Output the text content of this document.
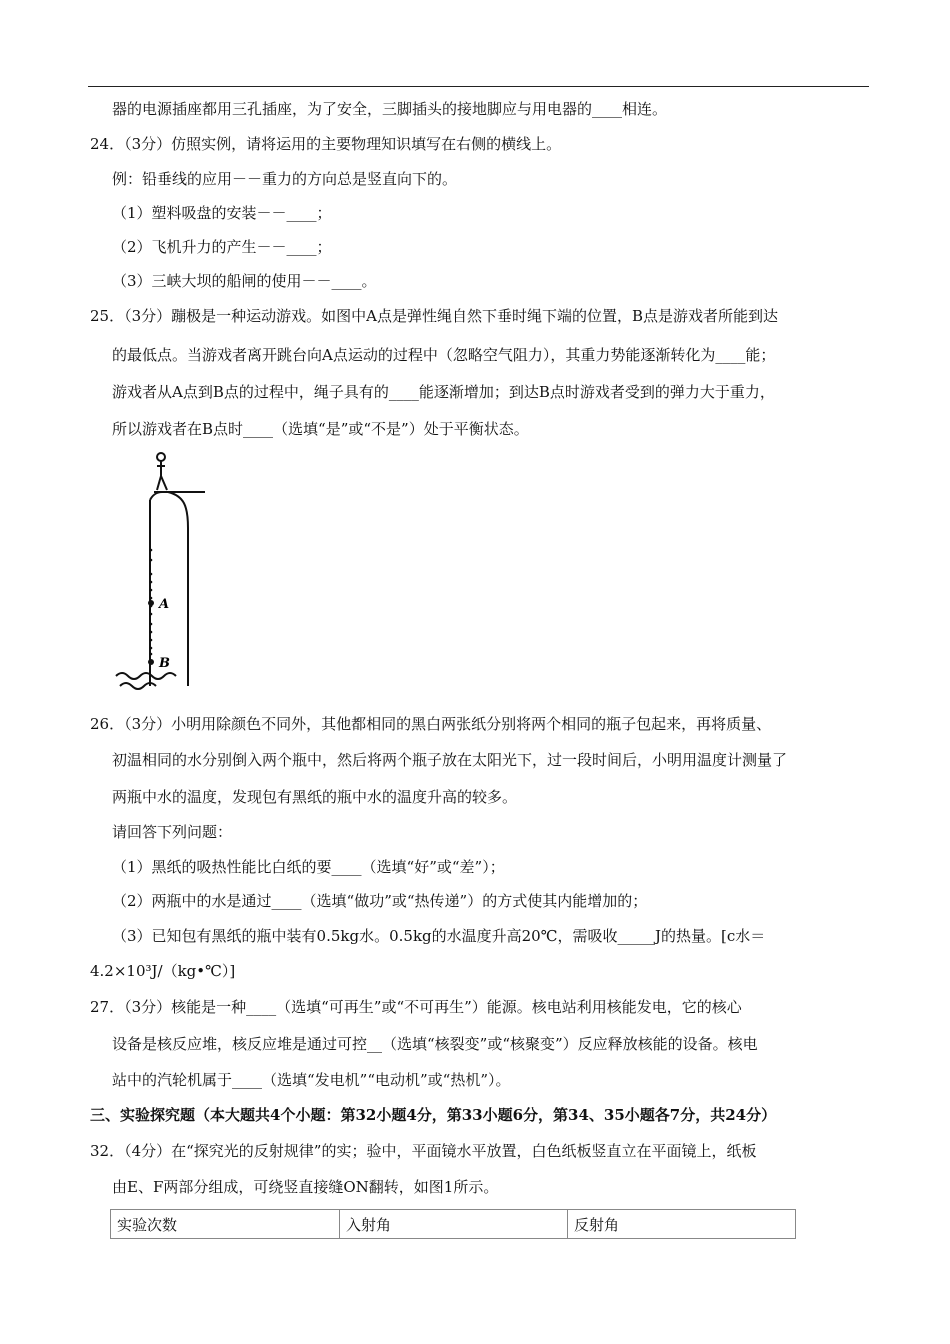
器的电源插座都用三孔插座，为了安全，三脚插头的接地脚应与用电器的____相连。
24．（3分）仿照实例，请将运用的主要物理知识填写在右侧的横线上。
例：铅垂线的应用－－重力的方向总是竖直向下的。
（1）塑料吸盘的安装－－____；
（2）飞机升力的产生－－____；
（3）三峡大坝的船闸的使用－－____。
25．（3分）蹦极是一种运动游戏。如图中A点是弹性绳自然下垂时绳下端的位置，B点是游戏者所能到达
的最低点。当游戏者离开跳台向A点运动的过程中（忽略空气阻力），其重力势能逐渐转化为____能；
游戏者从A点到B点的过程中，绳子具有的____能逐渐增加；到达B点时游戏者受到的弹力大于重力，
所以游戏者在B点时____（选填“是”或“不是”）处于平衡状态。
A
B
26．（3分）小明用除颜色不同外，其他都相同的黑白两张纸分别将两个相同的瓶子包起来，再将质量、
初温相同的水分别倒入两个瓶中，然后将两个瓶子放在太阳光下，过一段时间后，小明用温度计测量了
两瓶中水的温度，发现包有黑纸的瓶中水的温度升高的较多。
请回答下列问题：
（1）黑纸的吸热性能比白纸的要____（选填“好”或“差”）；
（2）两瓶中的水是通过____（选填“做功”或“热传递”）的方式使其内能增加的；
（3）已知包有黑纸的瓶中装有0.5kg水。0.5kg的水温度升高20℃，需吸收_____J的热量。[c水＝
4.2×10³J/（kg•℃）]
27．（3分）核能是一种____（选填“可再生”或“不可再生”）能源。核电站利用核能发电，它的核心
设备是核反应堆，核反应堆是通过可控__（选填“核裂变”或“核聚变”）反应释放核能的设备。核电
站中的汽轮机属于____（选填“发电机”“电动机”或“热机”）。
三、实验探究题（本大题共4个小题：第32小题4分，第33小题6分，第34、35小题各7分，共24分）
32．（4分）在“探究光的反射规律”的实；验中，平面镜水平放置，白色纸板竖直立在平面镜上，纸板
由E、F两部分组成，可绕竖直接缝ON翻转，如图1所示。
实验次数	入射角	反射角
